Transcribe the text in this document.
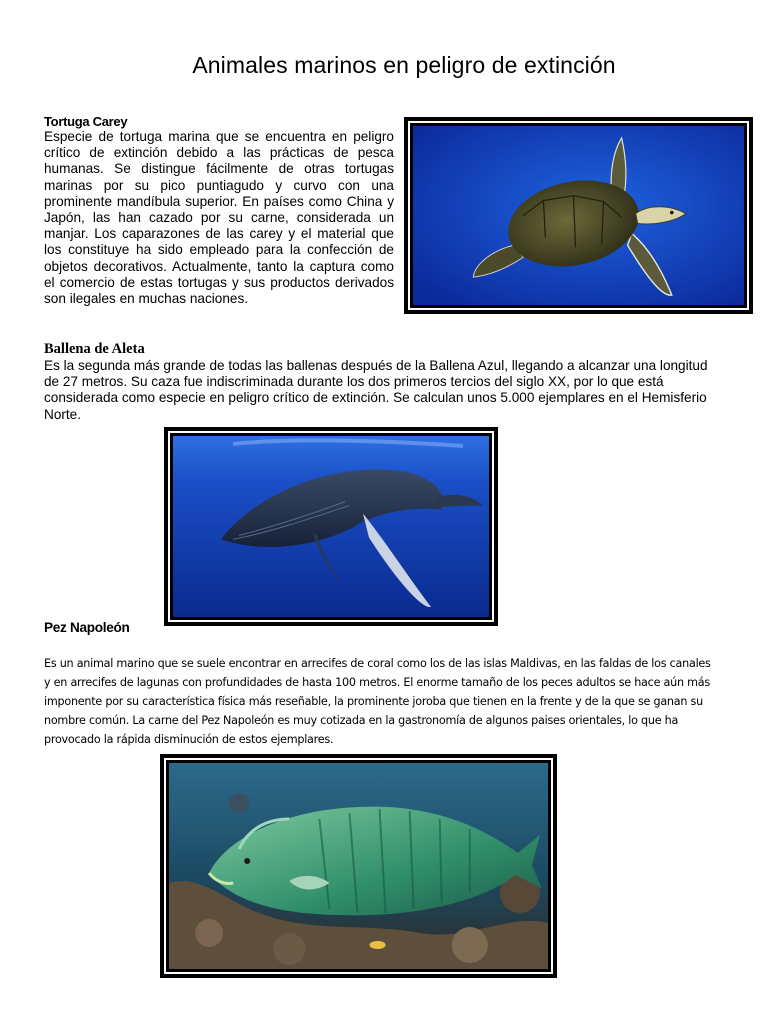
Animales marinos en peligro de extinción
Tortuga Carey

Especie de tortuga marina que se encuentra en peligro crítico de extinción debido a las prácticas de pesca humanas. Se distingue fácilmente de otras tortugas marinas por su pico puntiagudo y curvo con una prominente mandíbula superior. En países como China y Japón, las han cazado por su carne, considerada un manjar. Los caparazones de las carey y el material que los constituye ha sido empleado para la confección de objetos decorativos. Actualmente, tanto la captura como el comercio de estas tortugas y sus productos derivados son ilegales en muchas naciones.

Ballena de Aleta

Es la segunda más grande de todas las ballenas después de la Ballena Azul, llegando a alcanzar una longitud de 27 metros. Su caza fue indiscriminada durante los dos primeros tercios del siglo XX, por lo que está considerada como especie en peligro crítico de extinción. Se calculan unos 5.000 ejemplares en el Hemisferio Norte.

Pez Napoleón

Es un animal marino que se suele encontrar en arrecifes de coral como los de las islas Maldivas, en las faldas de los canales y en arrecifes de lagunas con profundidades de hasta 100 metros. El enorme tamaño de los peces adultos se hace aún más imponente por su característica física más reseñable, la prominente joroba que tienen en la frente y de la que se ganan su nombre común. La carne del Pez Napoleón es muy cotizada en la gastronomía de algunos paises orientales, lo que ha provocado la rápida disminución de estos ejemplares.
